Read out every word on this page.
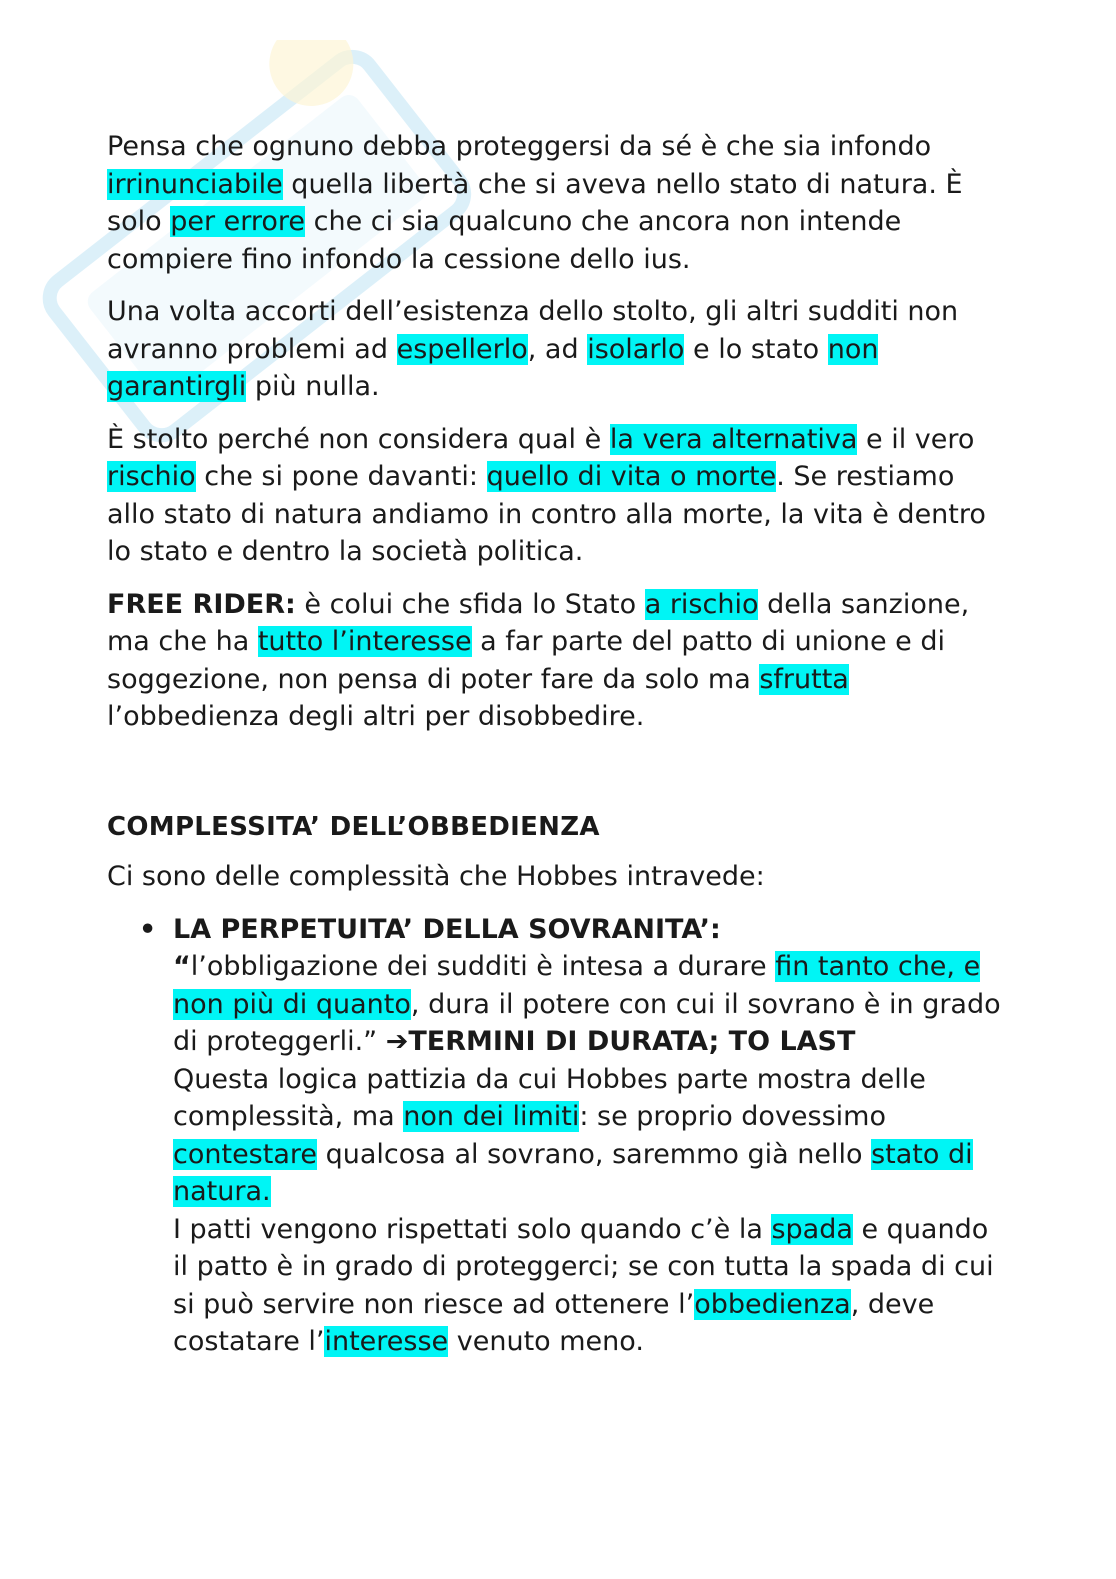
Pensa che ognuno debba proteggersi da sé è che sia infondo irrinunciabile quella libertà che si aveva nello stato di natura. È solo per errore che ci sia qualcuno che ancora non intende compiere fino infondo la cessione dello ius.

Una volta accorti dell’esistenza dello stolto, gli altri sudditi non avranno problemi ad espellerlo, ad isolarlo e lo stato non garantirgli più nulla.

È stolto perché non considera qual è la vera alternativa e il vero rischio che si pone davanti: quello di vita o morte. Se restiamo allo stato di natura andiamo in contro alla morte, la vita è dentro lo stato e dentro la società politica.

FREE RIDER: è colui che sfida lo Stato a rischio della sanzione, ma che ha tutto l’interesse a far parte del patto di unione e di soggezione, non pensa di poter fare da solo ma sfrutta l’obbedienza degli altri per disobbedire.

COMPLESSITA’ DELL’OBBEDIENZA

Ci sono delle complessità che Hobbes intravede:

• LA PERPETUITA’ DELLA SOVRANITA’:
“l’obbligazione dei sudditi è intesa a durare fin tanto che, e non più di quanto, dura il potere con cui il sovrano è in grado di proteggerli.” ➔TERMINI DI DURATA; TO LAST
Questa logica pattizia da cui Hobbes parte mostra delle complessità, ma non dei limiti: se proprio dovessimo contestare qualcosa al sovrano, saremmo già nello stato di natura.
I patti vengono rispettati solo quando c’è la spada e quando il patto è in grado di proteggerci; se con tutta la spada di cui si può servire non riesce ad ottenere l’obbedienza, deve costatare l’interesse venuto meno.
